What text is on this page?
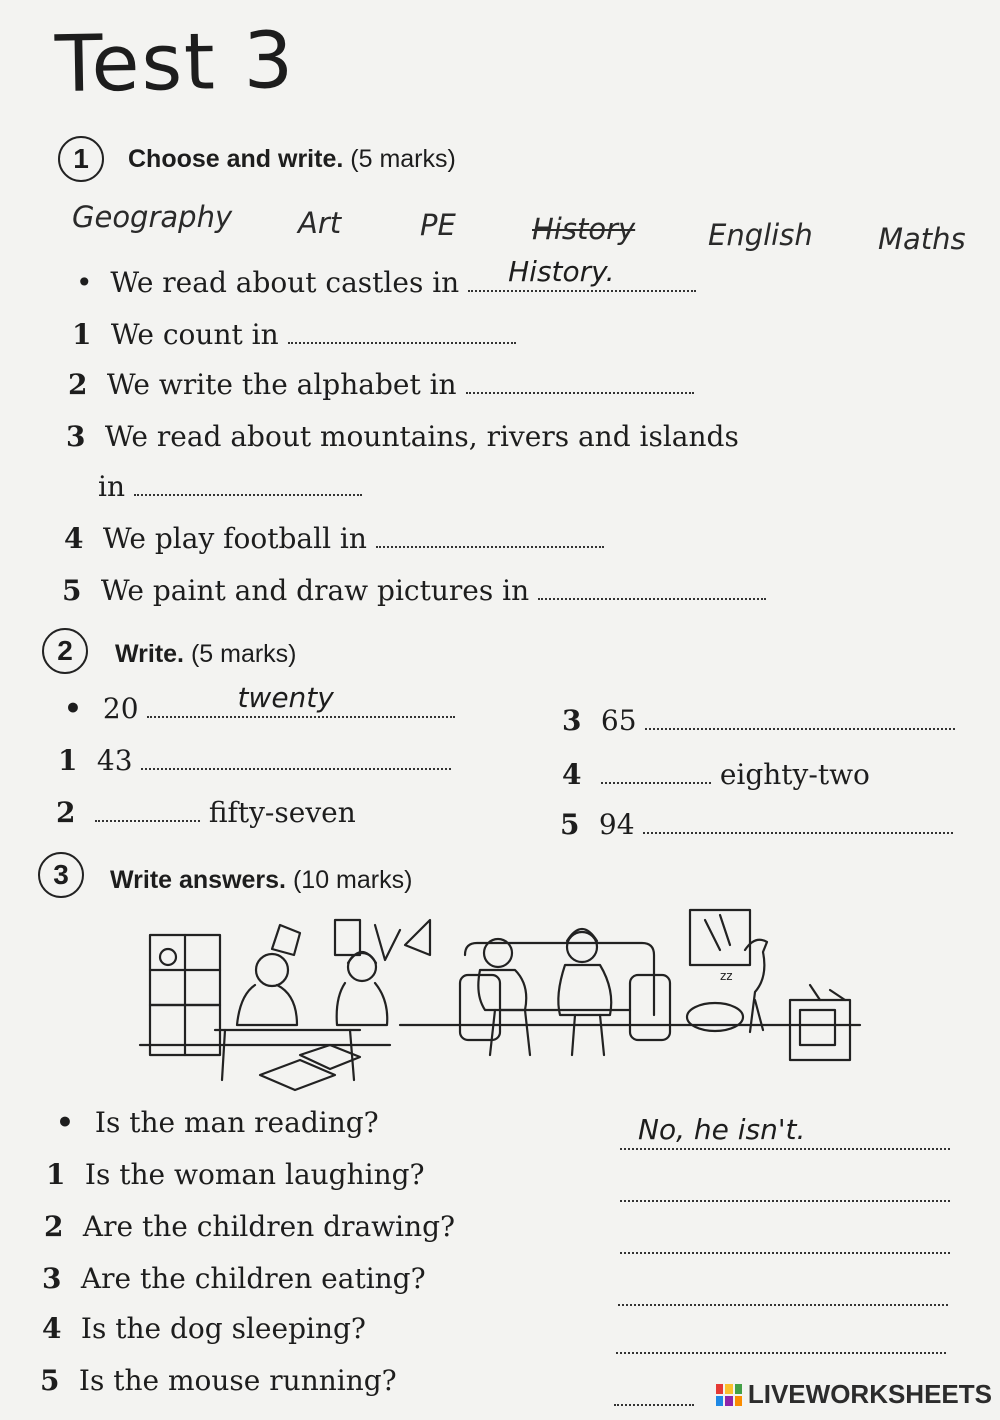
Test 3
1	Choose and write. (5 marks)
Geography Art	PE	History	English Maths
• We read about castles in History.
1 We count in
2 We write the alphabet in
3 We read about mountains, rivers and islands
in
4 We play football in
5 We paint and draw pictures in
2	Write. (5 marks)
• 20	twenty
1 43
2	fifty-seven
3 65
4	eighty-two
5 94
3	Write answers. (10 marks)
zz
• Is the man reading?	No, he isn't.
1 Is the woman laughing?
2 Are the children drawing?
3 Are the children eating?
4 Is the dog sleeping?
5 Is the mouse running?	LIVEWORKSHEETS
